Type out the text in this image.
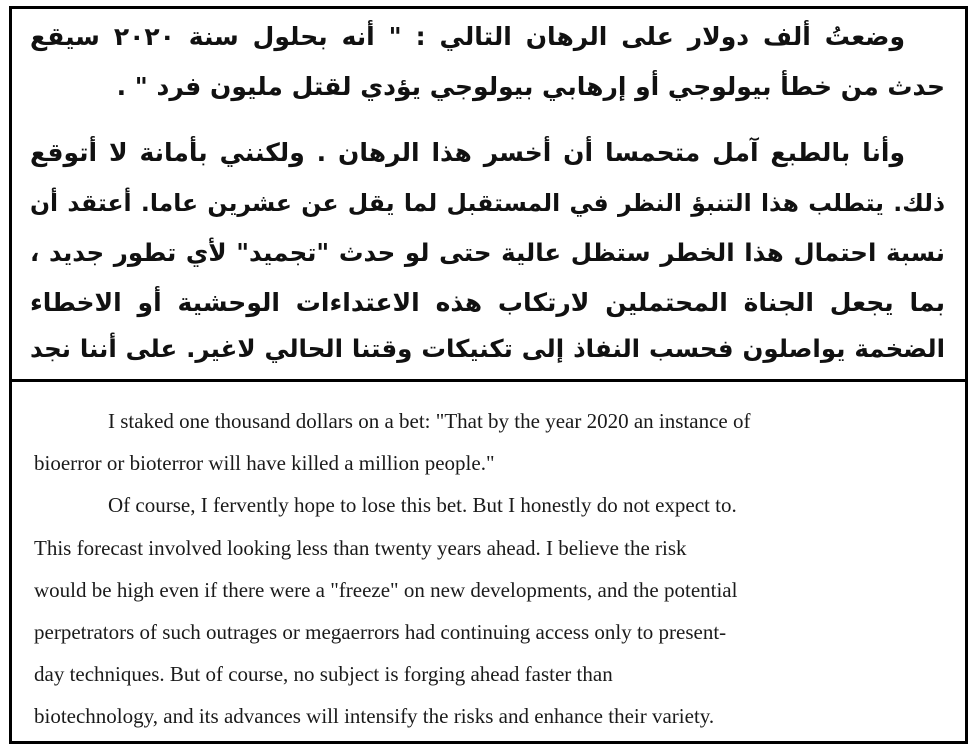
وضعتُ ألف دولار على الرهان التالي : " أنه بحلول سنة ٢٠٢٠ سيقع
حدث من خطأ بيولوجي أو إرهابي بيولوجي يؤدي لقتل مليون فرد " .
وأنا بالطبع آمل متحمسا أن أخسر هذا الرهان . ولكنني بأمانة لا أتوقع
ذلك. يتطلب هذا التنبؤ النظر في المستقبل لما يقل عن عشرين عاما. أعتقد أن
نسبة احتمال هذا الخطر ستظل عالية حتى لو حدث "تجميد" لأي تطور جديد ،
بما يجعل الجناة المحتملين لارتكاب هذه الاعتداءات الوحشية أو الاخطاء
الضخمة يواصلون فحسب النفاذ إلى تكنيكات وقتنا الحالي لاغير. على أننا نجد
I staked one thousand dollars on a bet: "That by the year 2020 an instance of
bioerror or bioterror will have killed a million people."
Of course, I fervently hope to lose this bet. But I honestly do not expect to.
This forecast involved looking less than twenty years ahead. I believe the risk
would be high even if there were a "freeze" on new developments, and the potential
perpetrators of such outrages or megaerrors had continuing access only to present-
day techniques. But of course, no subject is forging ahead faster than
biotechnology, and its advances will intensify the risks and enhance their variety.
